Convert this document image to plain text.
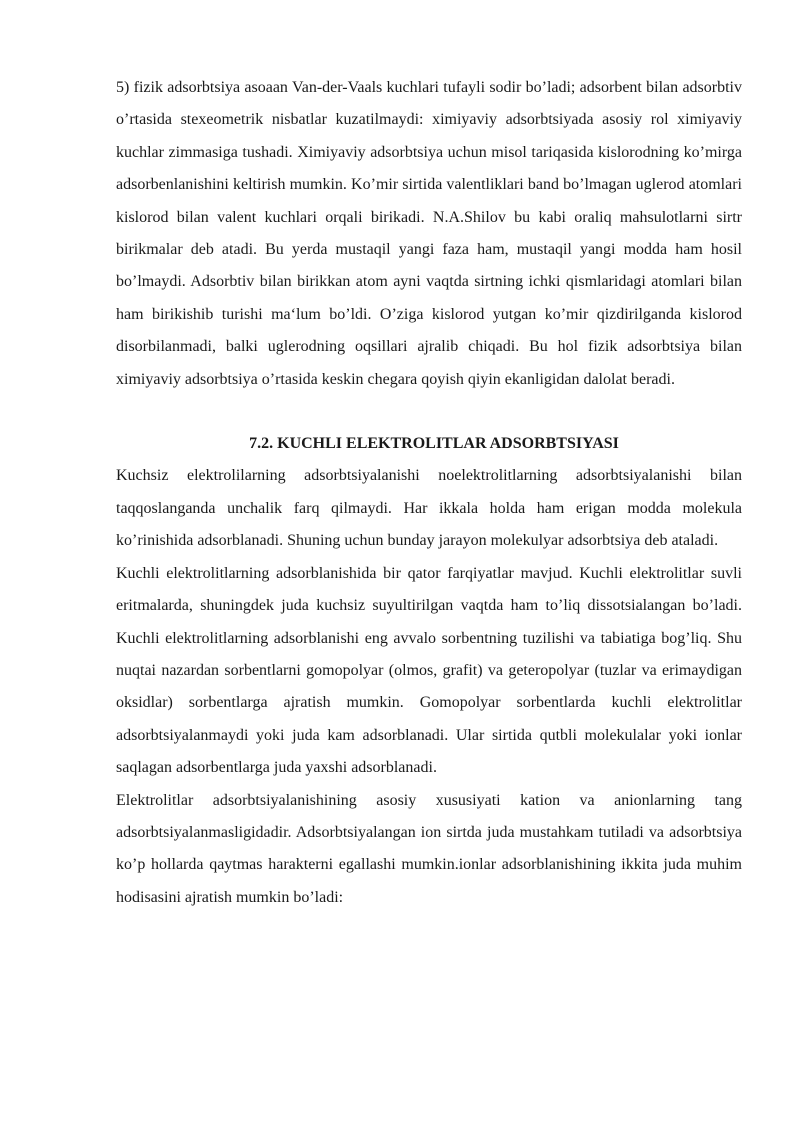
5) fizik adsorbtsiya asoaan Van-der-Vaals kuchlari tufayli sodir bo’ladi; adsorbent bilan adsorbtiv o’rtasida stexeometrik nisbatlar kuzatilmaydi: ximiyaviy adsorbtsiyada asosiy rol ximiyaviy kuchlar zimmasiga tushadi. Ximiyaviy adsorbtsiya uchun misol tariqasida kislorodning ko’mirga adsorbenlanishini keltirish mumkin. Ko’mir sirtida valentliklari band bo’lmagan uglerod atomlari kislorod bilan valent kuchlari orqali birikadi. N.A.Shilov bu kabi oraliq mahsulotlarni sirtr birikmalar deb atadi. Bu yerda mustaqil yangi faza ham, mustaqil yangi modda ham hosil bo’lmaydi. Adsorbtiv bilan birikkan atom ayni vaqtda sirtning ichki qismlaridagi atomlari bilan ham birikishib turishi ma‘lum bo’ldi. O’ziga kislorod yutgan ko’mir qizdirilganda kislorod disorbilanmadi, balki uglerodning oqsillari ajralib chiqadi. Bu hol fizik adsorbtsiya bilan ximiyaviy adsorbtsiya o’rtasida keskin chegara qoyish qiyin ekanligidan dalolat beradi.

7.2. KUCHLI ELEKTROLITLAR ADSORBTSIYASI

Kuchsiz elektrolilarning adsorbtsiyalanishi noelektrolitlarning adsorbtsiyalanishi bilan taqqoslanganda unchalik farq qilmaydi. Har ikkala holda ham erigan modda molekula ko’rinishida adsorblanadi. Shuning uchun bunday jarayon molekulyar adsorbtsiya deb ataladi.

Kuchli elektrolitlarning adsorblanishida bir qator farqiyatlar mavjud. Kuchli elektrolitlar suvli eritmalarda, shuningdek juda kuchsiz suyultirilgan vaqtda ham to’liq dissotsialangan bo’ladi. Kuchli elektrolitlarning adsorblanishi eng avvalo sorbentning tuzilishi va tabiatiga bog’liq. Shu nuqtai nazardan sorbentlarni gomopolyar (olmos, grafit) va geteropolyar (tuzlar va erimaydigan oksidlar) sorbentlarga ajratish mumkin. Gomopolyar sorbentlarda kuchli elektrolitlar adsorbtsiyalanmaydi yoki juda kam adsorblanadi. Ular sirtida qutbli molekulalar yoki ionlar saqlagan adsorbentlarga juda yaxshi adsorblanadi.

Elektrolitlar adsorbtsiyalanishining asosiy xususiyati kation va anionlarning tang adsorbtsiyalanmasligidadir. Adsorbtsiyalangan ion sirtda juda mustahkam tutiladi va adsorbtsiya ko’p hollarda qaytmas harakterni egallashi mumkin.ionlar adsorblanishining ikkita juda muhim hodisasini ajratish mumkin bo’ladi:
